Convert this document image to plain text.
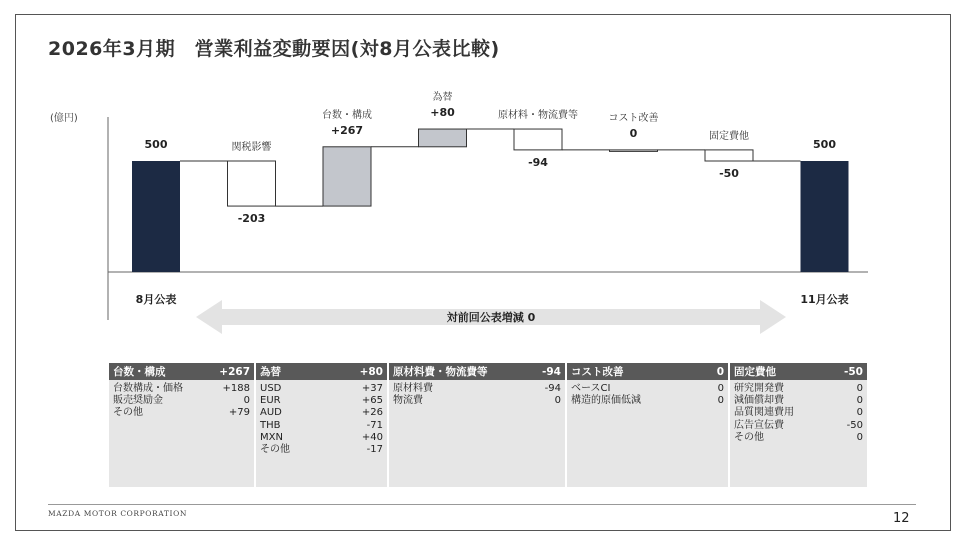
2026年3月期　営業利益変動要因(対8月公表比較)
(億円)
500
-203
関税影響
+267
台数・構成	+80
為替
-94
原材料・物流費等
0
コスト改善
-50
固定費他
500
8月公表	11月公表
対前回公表増減 0
台数・構成	+267
台数構成・価格	+188
販売奨励金	0
その他	+79
為替	+80
USD	+37
EUR	+65
AUD	+26
THB	-71
MXN	+40
その他	-17
原材料費・物流費等	-94
原材料費	-94
物流費	0
コスト改善	0
ベースCI	0
構造的原価低減	0
固定費他	-50
研究開発費	0
減価償却費	0
品質関連費用	0
広告宣伝費	-50
その他	0
MAZDA MOTOR CORPORATION	12
